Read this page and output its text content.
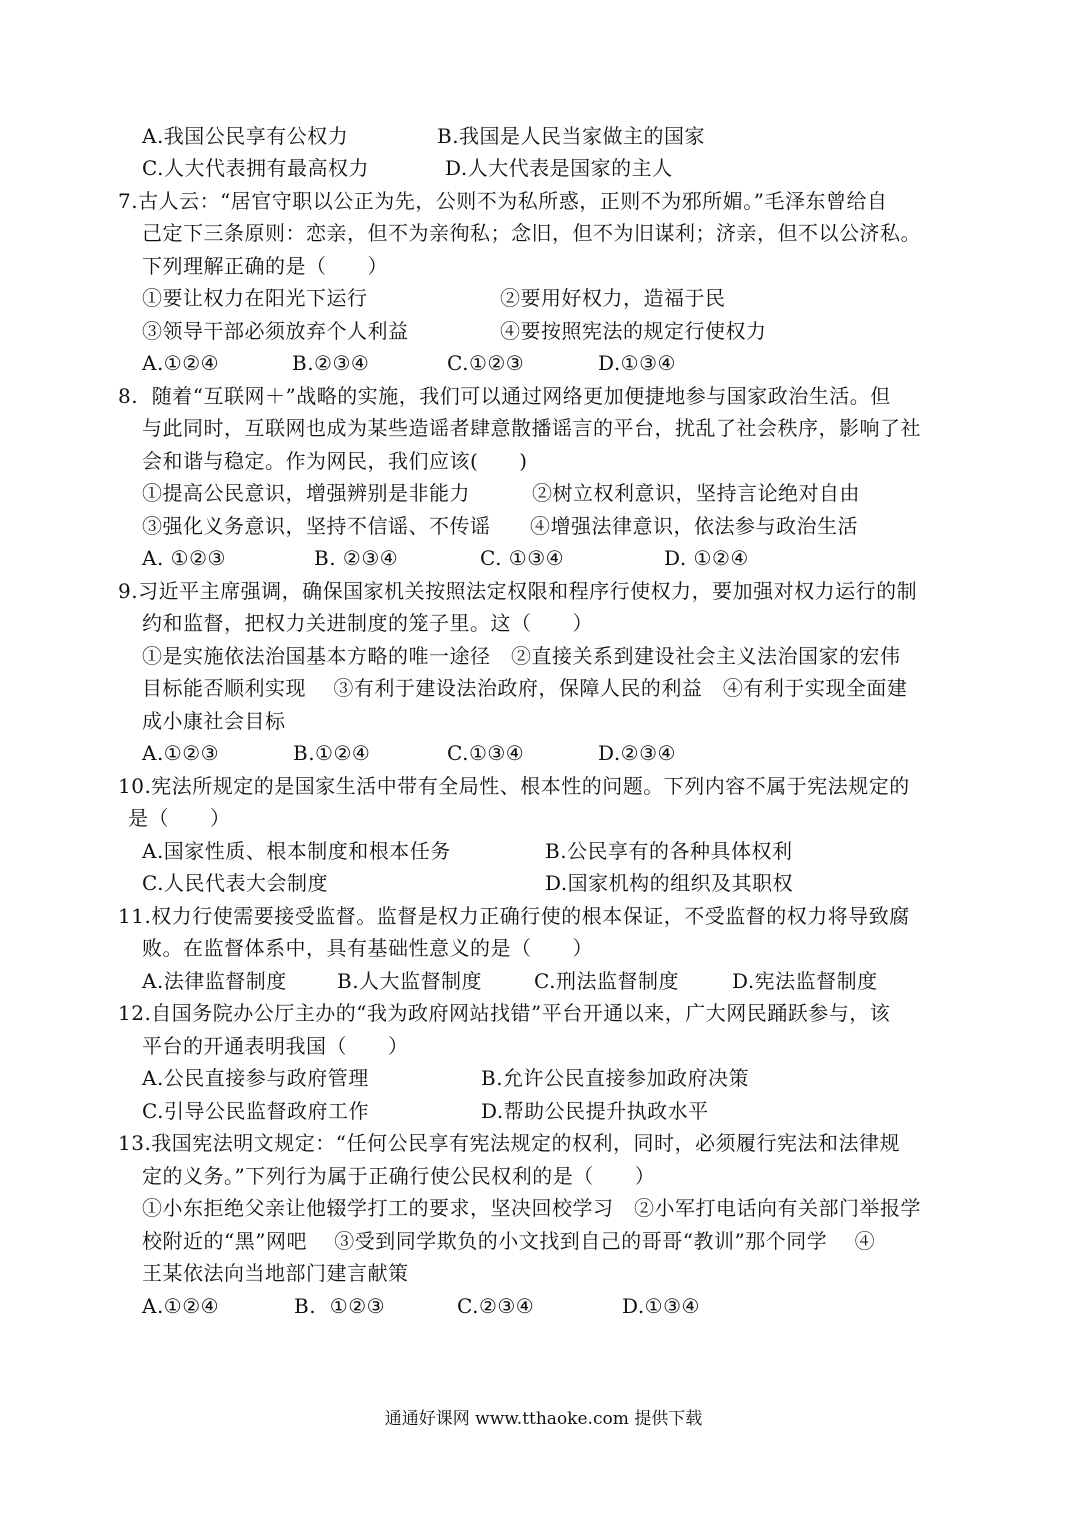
A.我国公民享有公权力	B.我国是人民当家做主的国家
C.人大代表拥有最高权力	D.人大代表是国家的主人
7.古人云：“居官守职以公正为先，公则不为私所惑，正则不为邪所媚。”毛泽东曾给自
己定下三条原则：恋亲，但不为亲徇私；念旧，但不为旧谋利；济亲，但不以公济私。
下列理解正确的是（　　）
①要让权力在阳光下运行	②要用好权力，造福于民
③领导干部必须放弃个人利益	④要按照宪法的规定行使权力
A.①②④	B.②③④	C.①②③	D.①③④
8.  随着“互联网＋”战略的实施，我们可以通过网络更加便捷地参与国家政治生活。但
与此同时，互联网也成为某些造谣者肆意散播谣言的平台，扰乱了社会秩序，影响了社
会和谐与稳定。作为网民，我们应该(　　)
①提高公民意识，增强辨别是非能力	②树立权利意识，坚持言论绝对自由
③强化义务意识，坚持不信谣、不传谣 ④增强法律意识，依法参与政治生活
A. ①②③	B. ②③④	C. ①③④	D. ①②④
9.习近平主席强调，确保国家机关按照法定权限和程序行使权力，要加强对权力运行的制
约和监督，把权力关进制度的笼子里。这（　　）
①是实施依法治国基本方略的唯一途径　②直接关系到建设社会主义法治国家的宏伟
目标能否顺利实现　 ③有利于建设法治政府，保障人民的利益　④有利于实现全面建
成小康社会目标
A.①②③	B.①②④	C.①③④	D.②③④
10.宪法所规定的是国家生活中带有全局性、根本性的问题。下列内容不属于宪法规定的
是（　　）
A.国家性质、根本制度和根本任务	B.公民享有的各种具体权利
C.人民代表大会制度	D.国家机构的组织及其职权
11.权力行使需要接受监督。监督是权力正确行使的根本保证，不受监督的权力将导致腐
败。在监督体系中，具有基础性意义的是（　　）
A.法律监督制度	B.人大监督制度	C.刑法监督制度	D.宪法监督制度
12.自国务院办公厅主办的“我为政府网站找错”平台开通以来，广大网民踊跃参与，该
平台的开通表明我国（　　）
A.公民直接参与政府管理	B.允许公民直接参加政府决策
C.引导公民监督政府工作	D.帮助公民提升执政水平
13.我国宪法明文规定：“任何公民享有宪法规定的权利，同时，必须履行宪法和法律规
定的义务。”下列行为属于正确行使公民权利的是（　　）
①小东拒绝父亲让他辍学打工的要求，坚决回校学习　②小军打电话向有关部门举报学
校附近的“黑”网吧　 ③受到同学欺负的小文找到自己的哥哥“教训”那个同学　 ④
王某依法向当地部门建言献策
A.①②④	B.  ①②③	C.②③④	D.①③④
通通好课网 www.tthaoke.com 提供下载
